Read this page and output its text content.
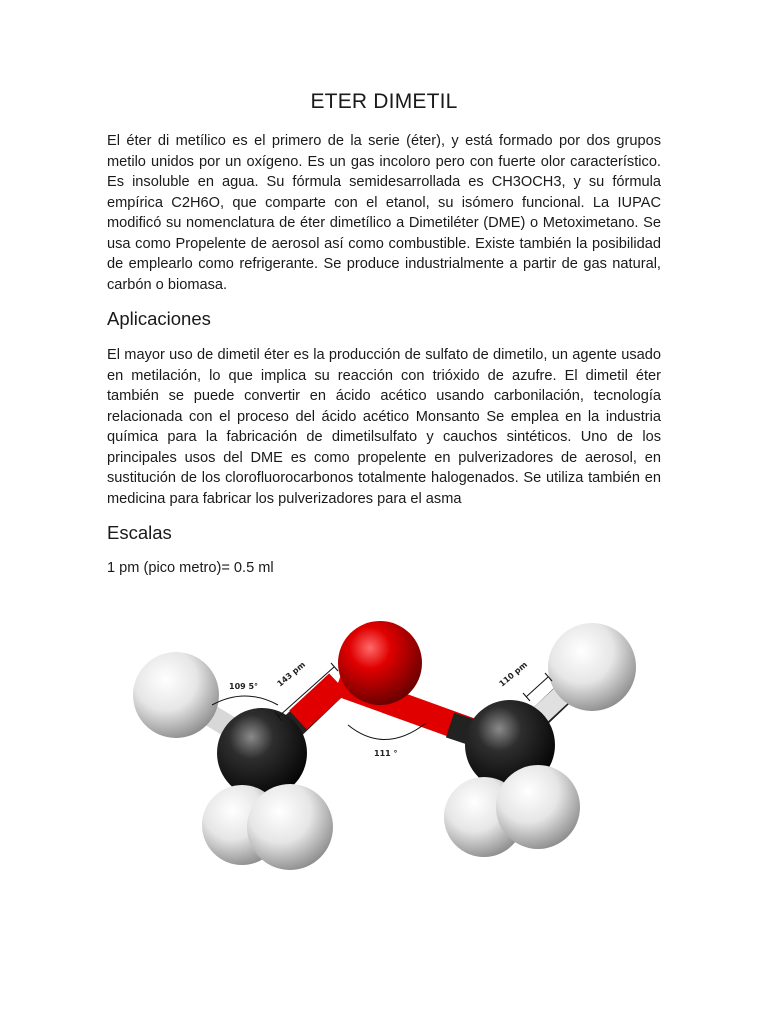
ETER DIMETIL
El éter di metílico es el primero de la serie (éter), y está formado por dos grupos metilo unidos por un oxígeno. Es un gas incoloro pero con fuerte olor característico. Es insoluble en agua. Su fórmula semidesarrollada es CH3OCH3, y su fórmula empírica C2H6O, que comparte con el etanol, su isómero funcional. La IUPAC modificó su nomenclatura de éter dimetílico a Dimetiléter (DME) o Metoximetano. Se usa como Propelente de aerosol así como combustible. Existe también la posibilidad de emplearlo como refrigerante. Se produce industrialmente a partir de gas natural, carbón o biomasa.
Aplicaciones
El mayor uso de dimetil éter es la producción de sulfato de dimetilo, un agente usado en metilación, lo que implica su reacción con trióxido de azufre. El dimetil éter también se puede convertir en ácido acético usando carbonilación, tecnología relacionada con el proceso del ácido acético Monsanto Se emplea en la industria química para la fabricación de dimetilsulfato y cauchos sintéticos. Uno de los principales usos del DME es como propelente en pulverizadores de aerosol, en sustitución de los clorofluorocarbonos totalmente halogenados. Se utiliza también en medicina para fabricar los pulverizadores para el asma
Escalas
1 pm (pico metro)= 0.5 ml
109 5° 143 pm
111 °
110 pm
